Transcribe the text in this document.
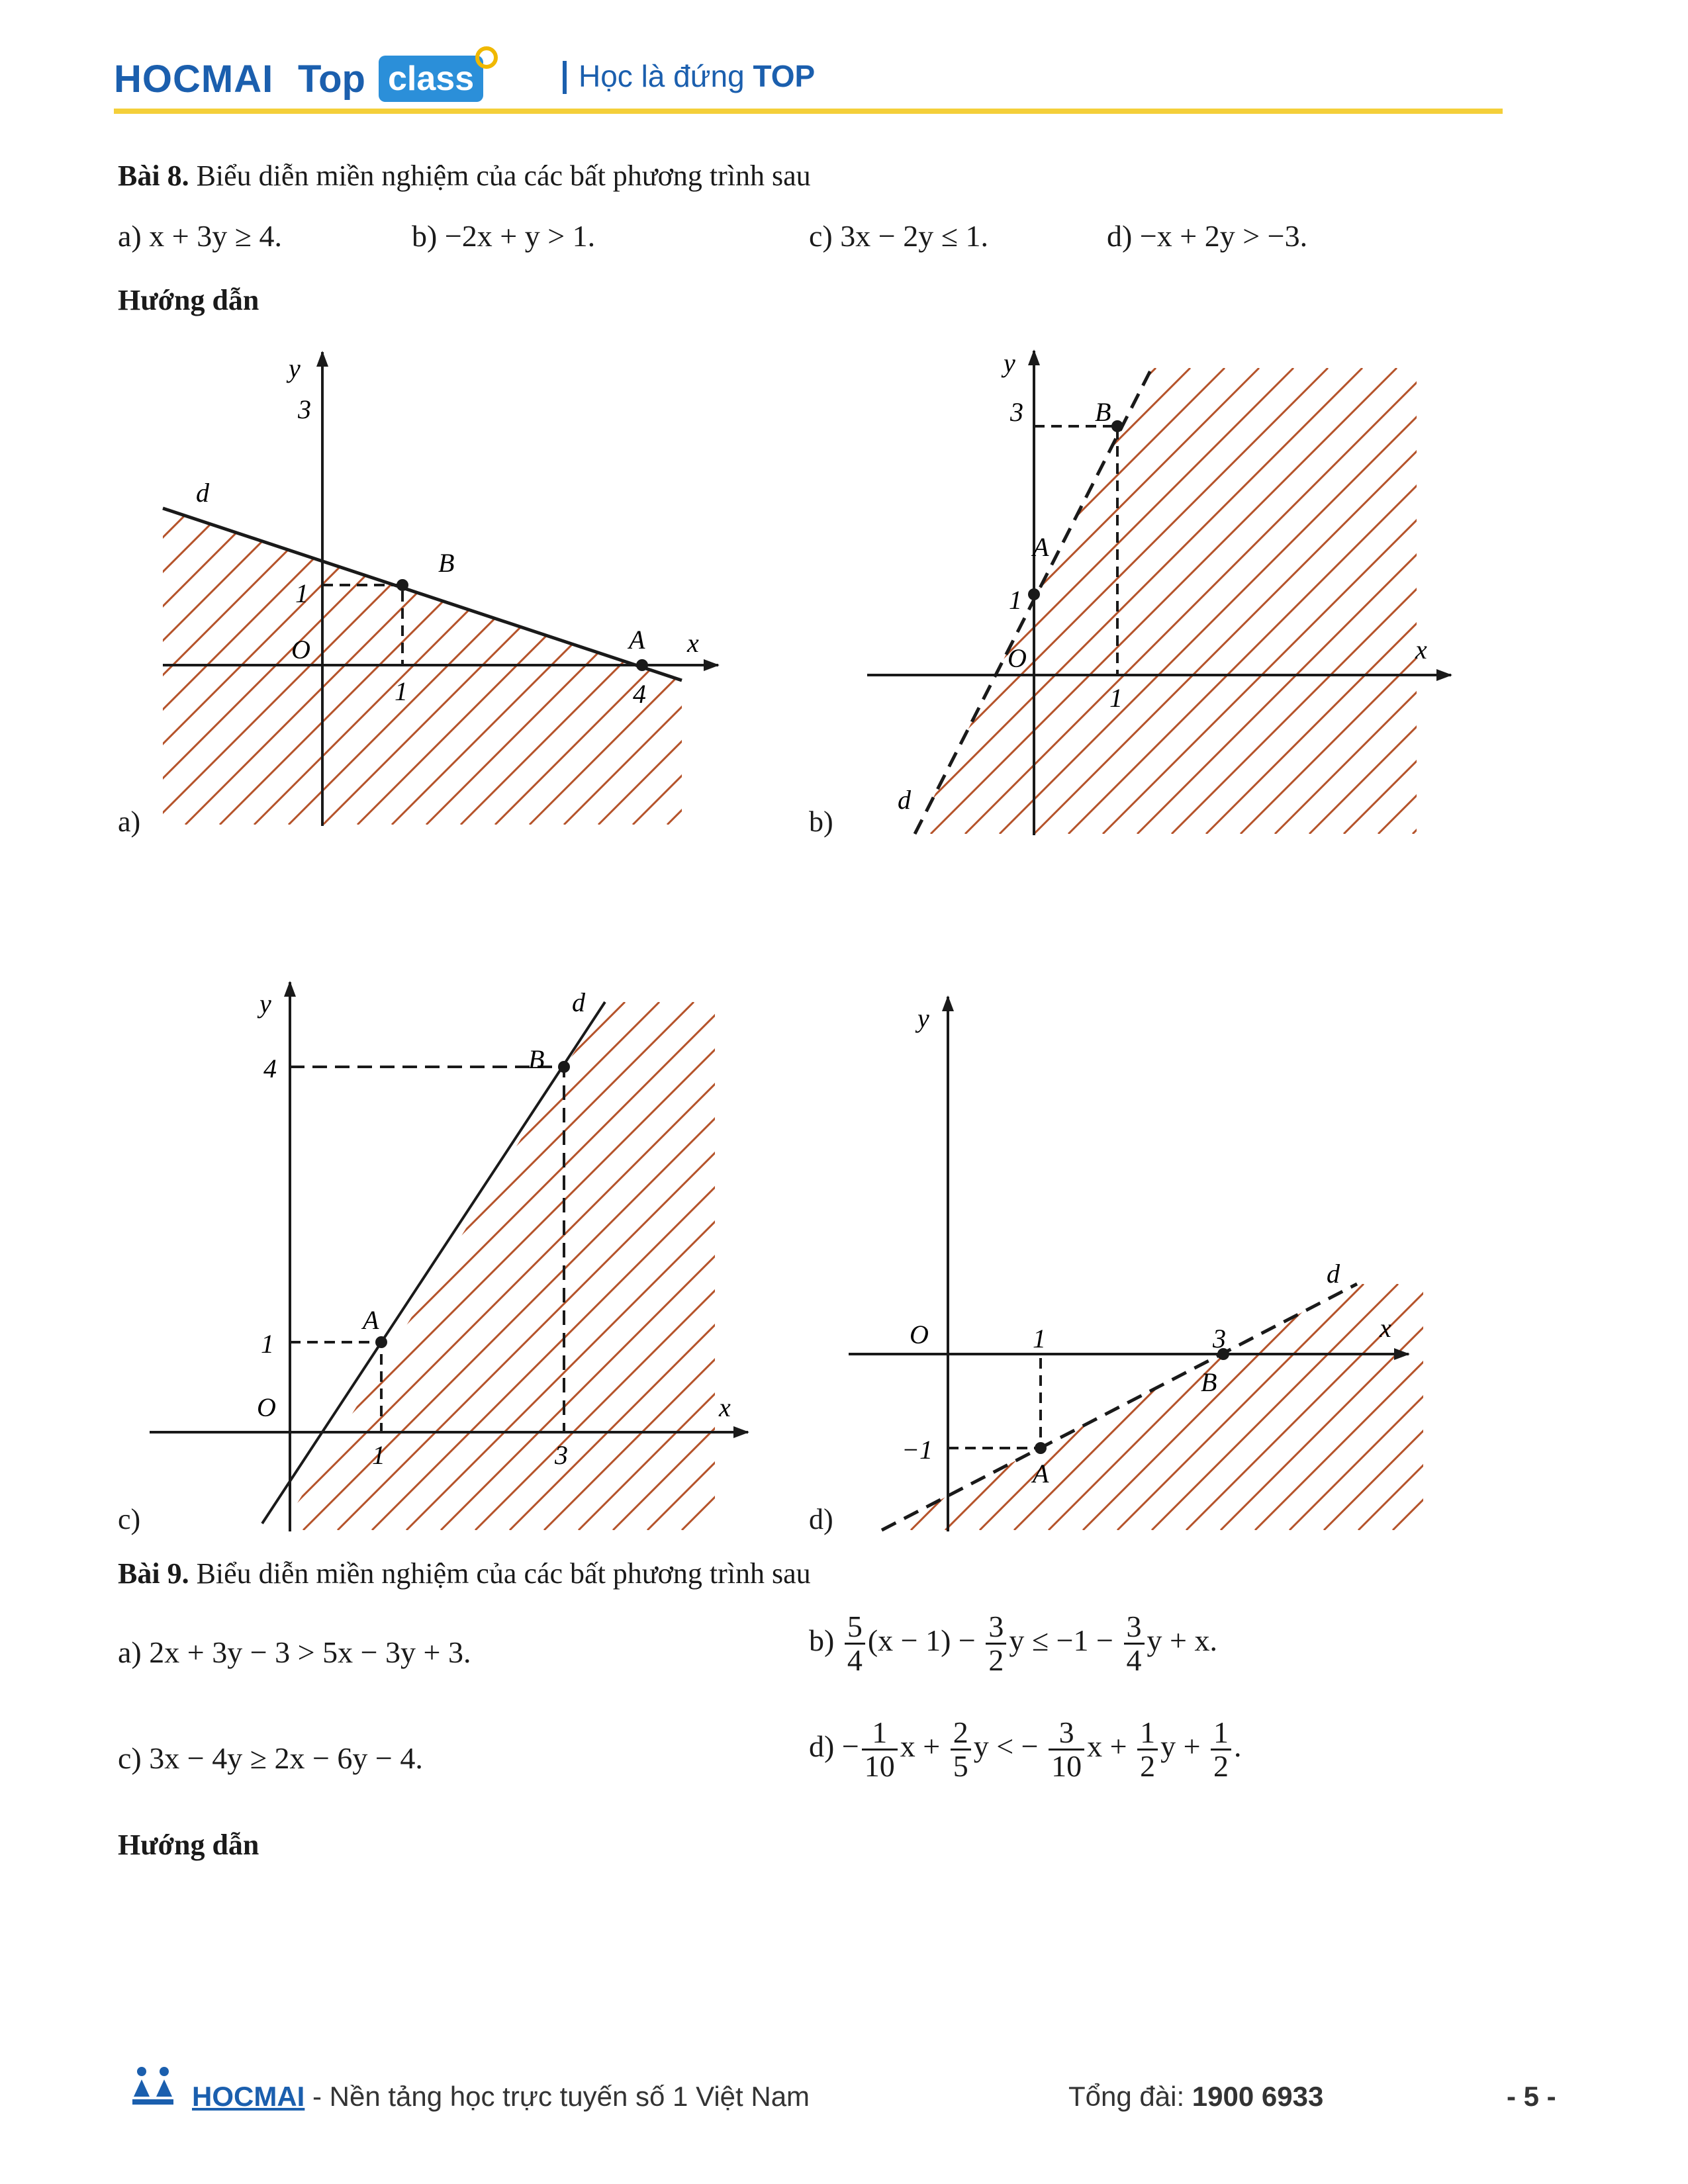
HOCMAI Top class	Học là đứng TOP
Bài 8. Biểu diễn miền nghiệm của các bất phương trình sau
a) x + 3y ≥ 4.	b) −2x + y > 1.	c) 3x − 2y ≤ 1.	d) −x + 2y > −3.
Hướng dẫn
y
3
d
B
1
O	A x
1	4
y
3	B
A
1
O	x
1
d
y	d
4	B
A
1
O	x
1	3
y
d
x
O	1	3
B
−1
A
a)	b)
c)	d)
Bài 9. Biểu diễn miền nghiệm của các bất phương trình sau
a) 2x + 3y − 3 > 5x − 3y + 3.	$b) \frac{5}{4} (x - 1) - \frac{3}{2}$ $y \le -1 - \frac{3}{4}$ y + x.
c) 3x − 4y ≥ 2x − 6y − 4.	$d) - \frac{1}{10}$ $x + \frac{2}{5}$ y < − $\frac{3}{10}$ $x + \frac{1}{2}$ $y + \frac{1}{2}$ .
Hướng dẫn
HOCMAI - Nền tảng học trực tuyến số 1 Việt Nam	Tổng đài: 1900 6933	- 5 -
